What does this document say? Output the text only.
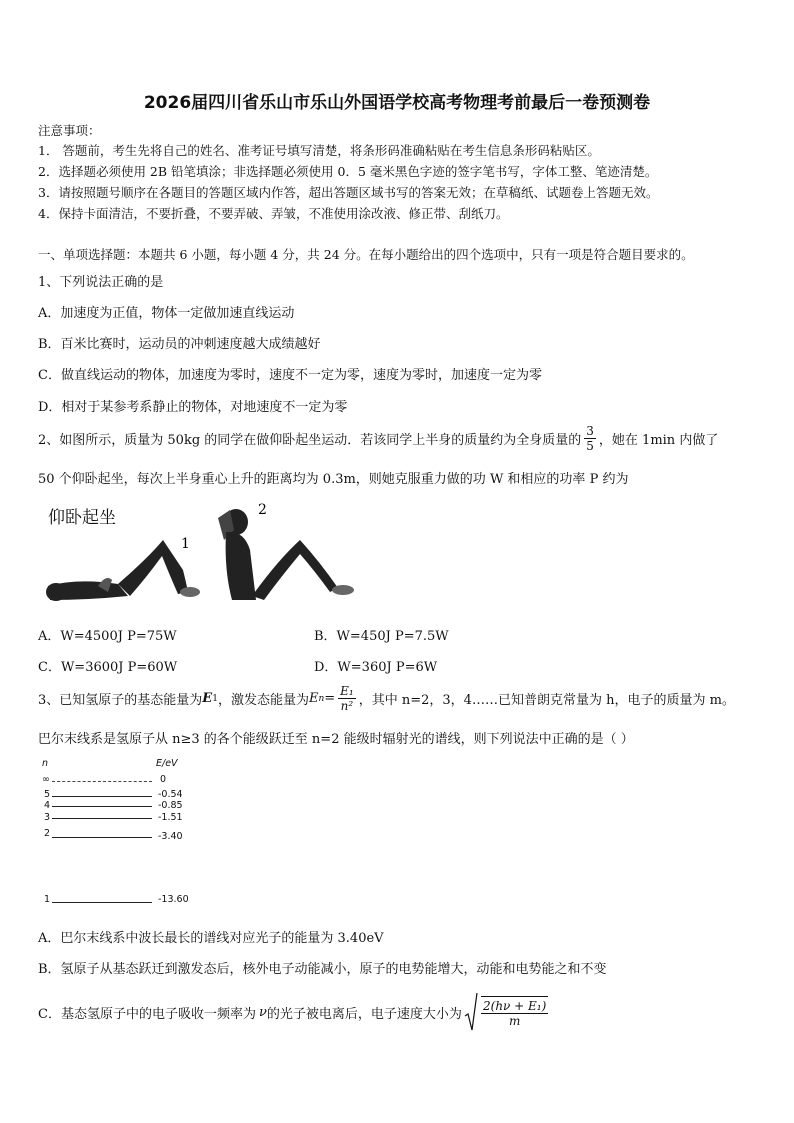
2026届四川省乐山市乐山外国语学校高考物理考前最后一卷预测卷
注意事项：
1． 答题前，考生先将自己的姓名、准考证号填写清楚，将条形码准确粘贴在考生信息条形码粘贴区。
2．选择题必须使用 2B 铅笔填涂；非选择题必须使用 0．5 毫米黑色字迹的签字笔书写，字体工整、笔迹清楚。
3．请按照题号顺序在各题目的答题区域内作答，超出答题区域书写的答案无效；在草稿纸、试题卷上答题无效。
4．保持卡面清洁，不要折叠，不要弄破、弄皱，不准使用涂改液、修正带、刮纸刀。
一、单项选择题：本题共 6 小题，每小题 4 分，共 24 分。在每小题给出的四个选项中，只有一项是符合题目要求的。
1、下列说法正确的是
A．加速度为正值，物体一定做加速直线运动
B．百米比赛时，运动员的冲刺速度越大成绩越好
C．做直线运动的物体，加速度为零时，速度不一定为零，速度为零时，加速度一定为零
D．相对于某参考系静止的物体，对地速度不一定为零
2、如图所示，质量为 50kg 的同学在做仰卧起坐运动．若该同学上半身的质量约为全身质量的 $\frac{3}{5}$ ，她在 1min 内做了
50 个仰卧起坐，每次上半身重心上升的距离均为 0.3m，则她克服重力做的功 W 和相应的功率 P 约为
1
2
仰卧起坐
A．W=4500J P=75W	B．W=450J P=7.5W
C．W=3600J P=60W	D．W=360J P=6W
3、已知氢原子的基态能量为 E 1 ，激发态能量为 E $n = \frac{\text{E₁}}{\text{n²}}$ ，其中 n=2，3，4……已知普朗克常量为 h，电子的质量为 m。
巴尔末线系是氢原子从 n≥3 的各个能级跃迁至 n=2 能级时辐射光的谱线，则下列说法中正确的是（ ）
n	E/eV
∞	0
5	-0.54
4	-0.85
3	-1.51
2	-3.40
1	-13.60
A．巴尔末线系中波长最长的谱线对应光子的能量为 3.40eV
B．氢原子从基态跃迁到激发态后，核外电子动能减小，原子的电势能增大，动能和电势能之和不变
C．基态氢原子中的电子吸收一频率为 ν 的光子被电离后，电子速度大小为
$\frac{\text{2(hν + E₁)}}{m}$
